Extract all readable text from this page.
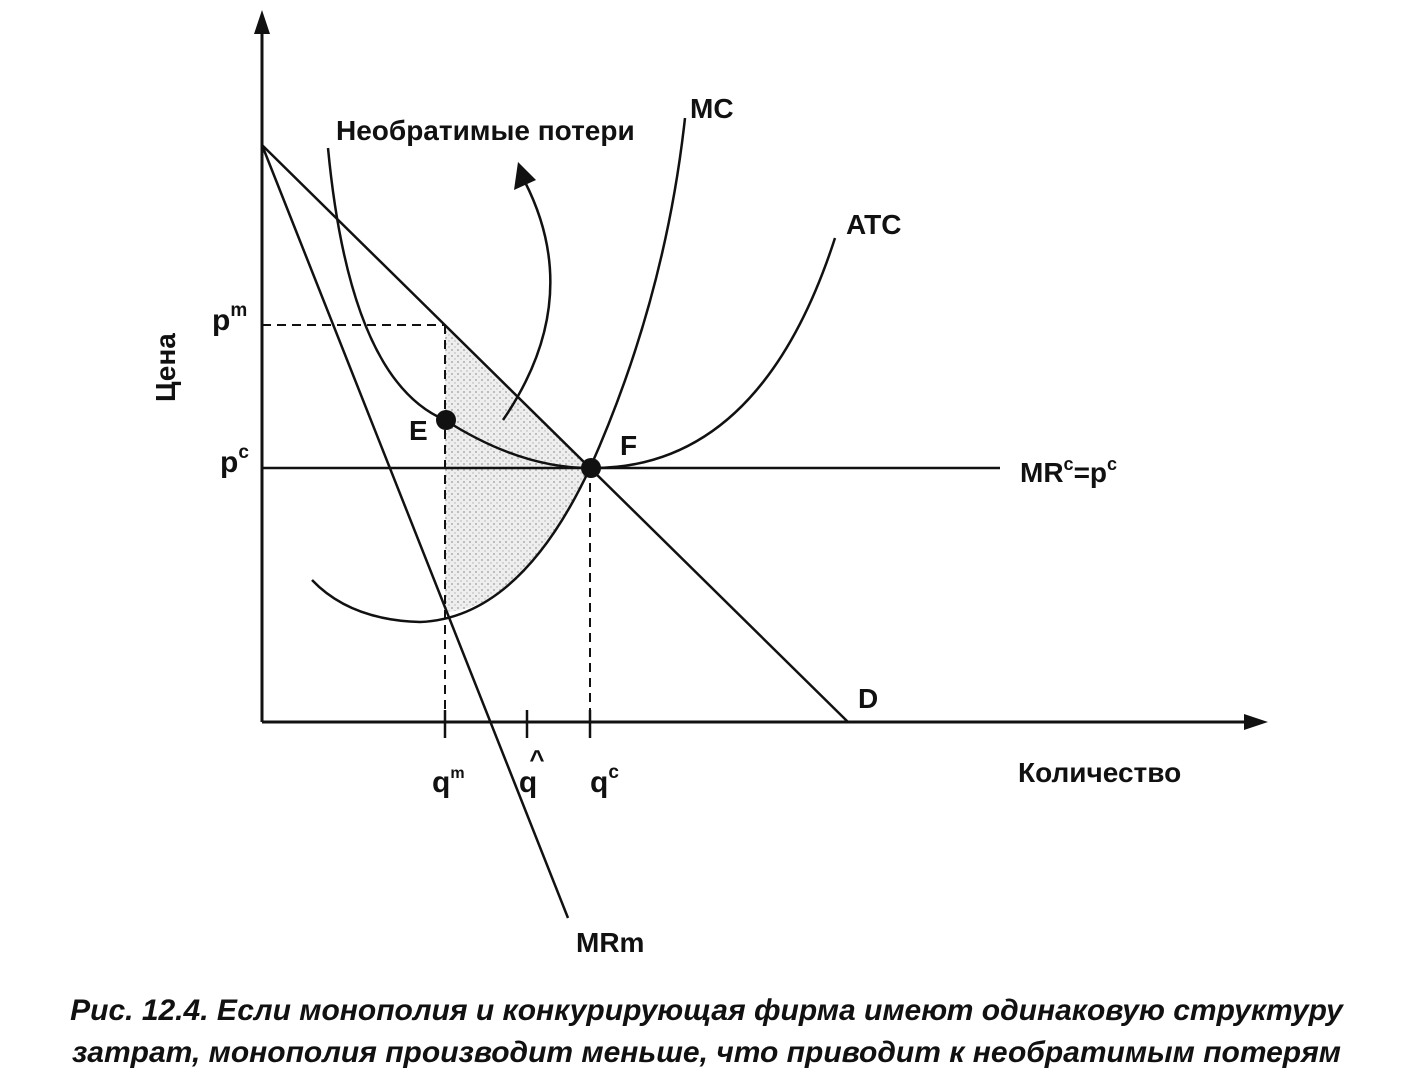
Необратимые потери
MC
ATC
D
MRm
$MR^c=p^c$
E	F
Цена
Количество
$p^m$
$p^c$
$q^m$ q
^
$q^c$
Рис. 12.4. Если монополия и конкурирующая фирма имеют одинаковую структуру
затрат, монополия производит меньше, что приводит к необратимым потерям
